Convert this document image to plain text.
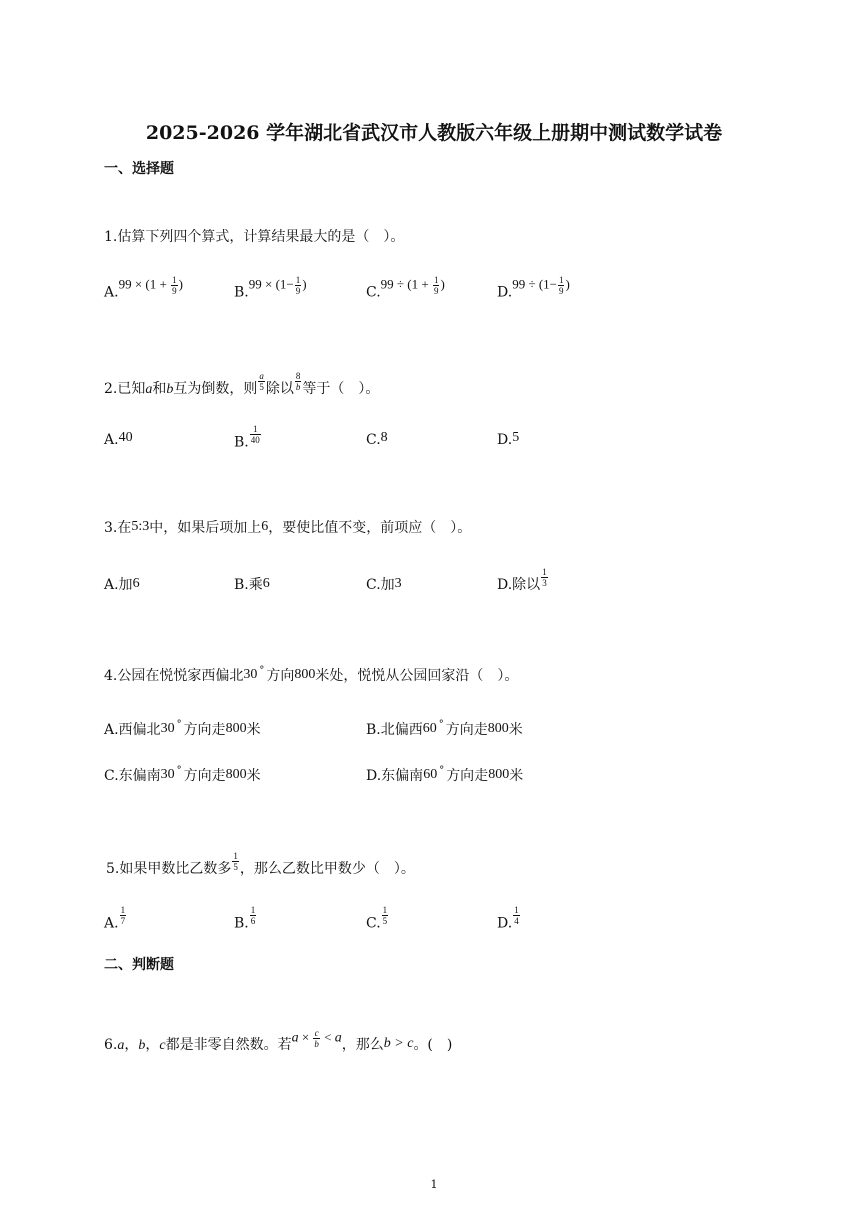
2025-2026 学年湖北省武汉市人教版六年级上册期中测试数学试卷
一、选择题
1.估算下列四个算式，计算结果最大的是（　）。
$A.99 \times (1 + \frac{1}{9}$ )
$B.99 \times (1- \frac{1}{9}$ )
$C.99 \div (1 + \frac{1}{9}$ )
$D.99 \div (1- \frac{1}{9}$ )
2.已知a和b互为倒数，则 $\frac{a}{5}$ 除以 $\frac{8}{b}$ 等于（　）。
A.40	B. $\frac{1}{40}$	C.8	D.5
3.在5:3中，如果后项加上6，要使比值不变，前项应（　）。
A.加6	B.乘6	C.加3	D.除以 $\frac{1}{3}$
4.公园在悦悦家西偏北30 ° 方向800米处，悦悦从公园回家沿（　）。
A.西偏北30 ° 方向走800米	B.北偏西60 ° 方向走800米
C.东偏南30 ° 方向走800米	D.东偏南60 ° 方向走800米
5.如果甲数比乙数多 $\frac{1}{5}$ ，那么乙数比甲数少（　）。
A. $\frac{1}{7}$	B. $\frac{1}{6}$	C. $\frac{1}{5}$	D. $\frac{1}{4}$
二、判断题
6.a，b，c都是非零自然数。若$a \times \frac{c}{b} < a$，那么b > c。(　)
1
